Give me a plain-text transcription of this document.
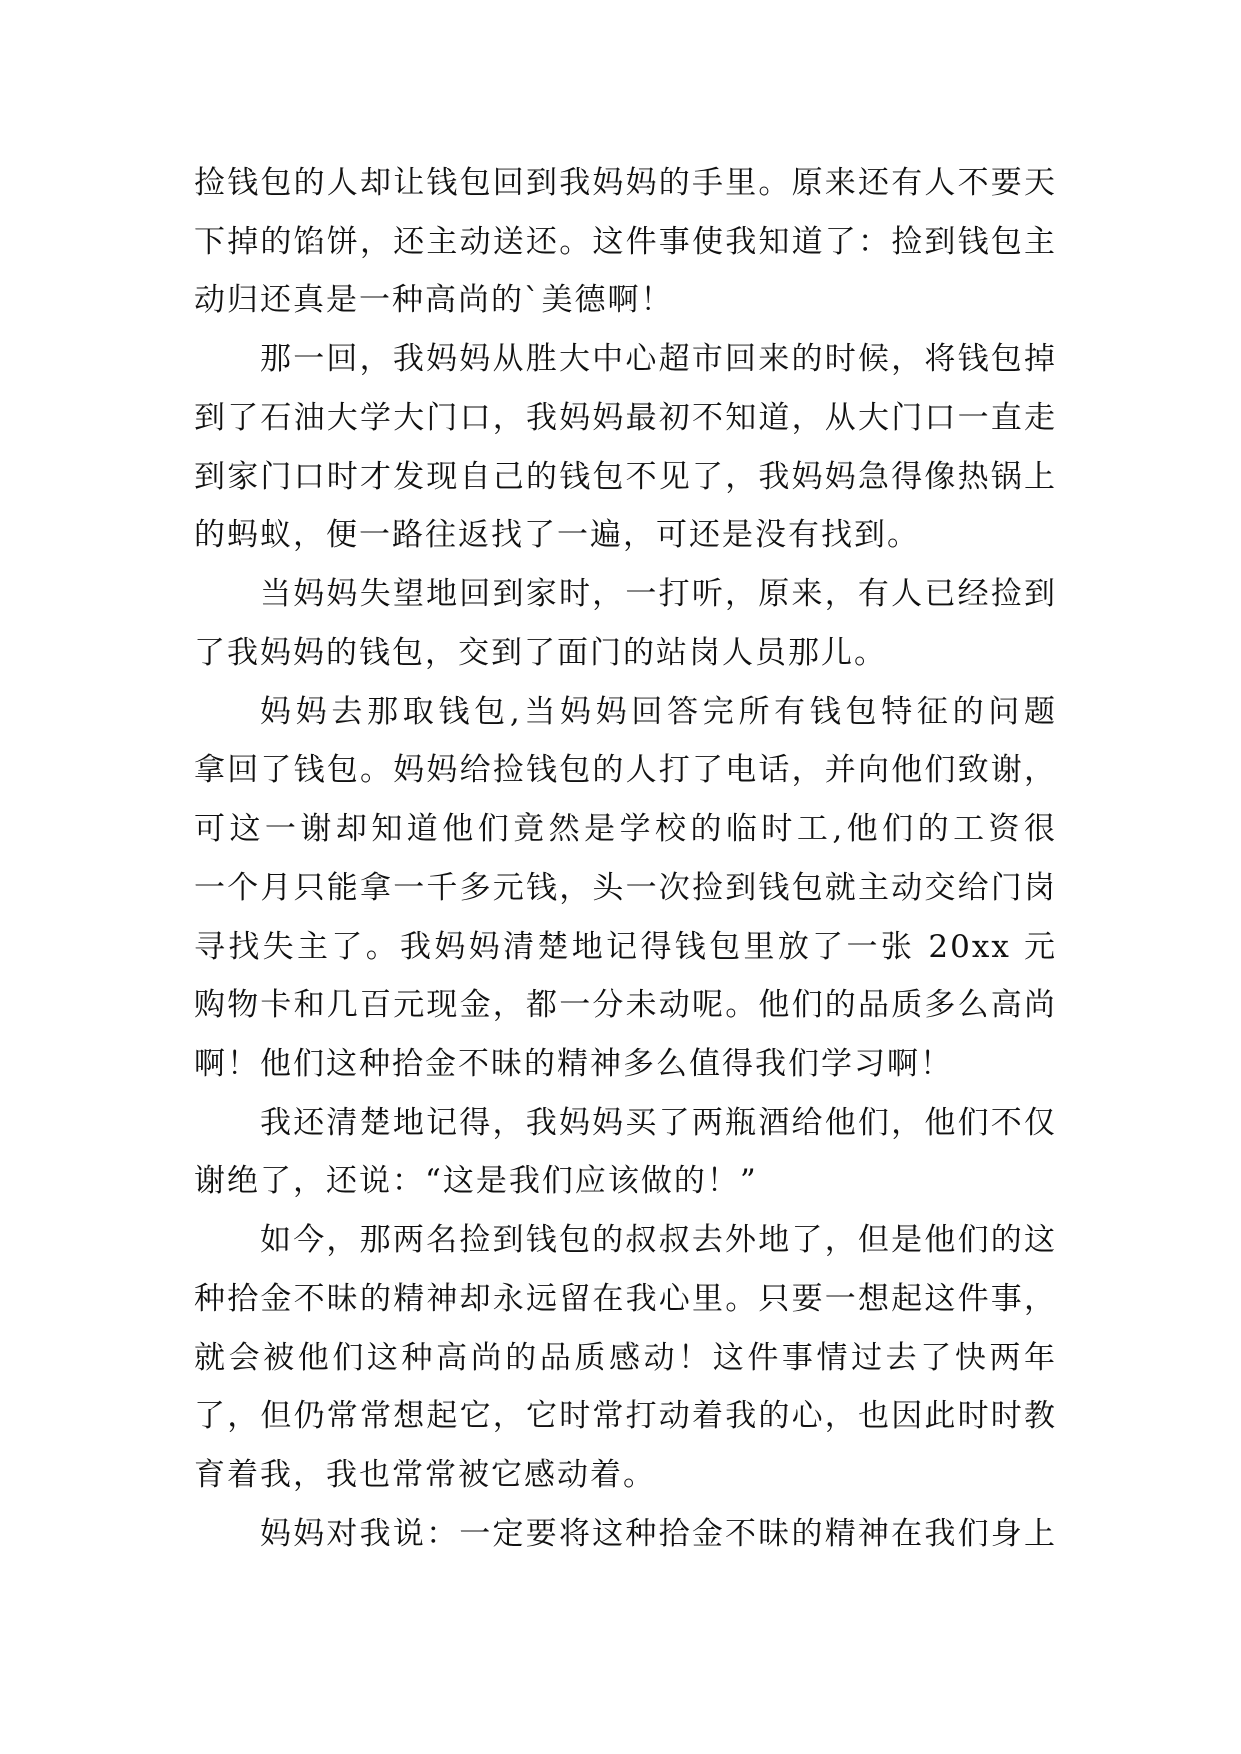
捡钱包的人却让钱包回到我妈妈的手里。原来还有人不要天
下掉的馅饼，还主动送还。这件事使我知道了：捡到钱包主
动归还真是一种高尚的`美德啊！
那一回，我妈妈从胜大中心超市回来的时候，将钱包掉
到了石油大学大门口，我妈妈最初不知道，从大门口一直走
到家门口时才发现自己的钱包不见了，我妈妈急得像热锅上
的蚂蚁，便一路往返找了一遍，可还是没有找到。
当妈妈失望地回到家时，一打听，原来，有人已经捡到
了我妈妈的钱包，交到了面门的站岗人员那儿。
妈妈去那取钱包,当妈妈回答完所有钱包特征的问题
拿回了钱包。妈妈给捡钱包的人打了电话，并向他们致谢，
可这一谢却知道他们竟然是学校的临时工,他们的工资很
一个月只能拿一千多元钱，头一次捡到钱包就主动交给门岗
寻找失主了。我妈妈清楚地记得钱包里放了一张 20xx 元
购物卡和几百元现金，都一分未动呢。他们的品质多么高尚
啊！他们这种拾金不昧的精神多么值得我们学习啊！
我还清楚地记得，我妈妈买了两瓶酒给他们，他们不仅
谢绝了，还说：“这是我们应该做的！”
如今，那两名捡到钱包的叔叔去外地了，但是他们的这
种拾金不昧的精神却永远留在我心里。只要一想起这件事，
就会被他们这种高尚的品质感动！这件事情过去了快两年
了，但仍常常想起它，它时常打动着我的心，也因此时时教
育着我，我也常常被它感动着。
妈妈对我说：一定要将这种拾金不昧的精神在我们身上
